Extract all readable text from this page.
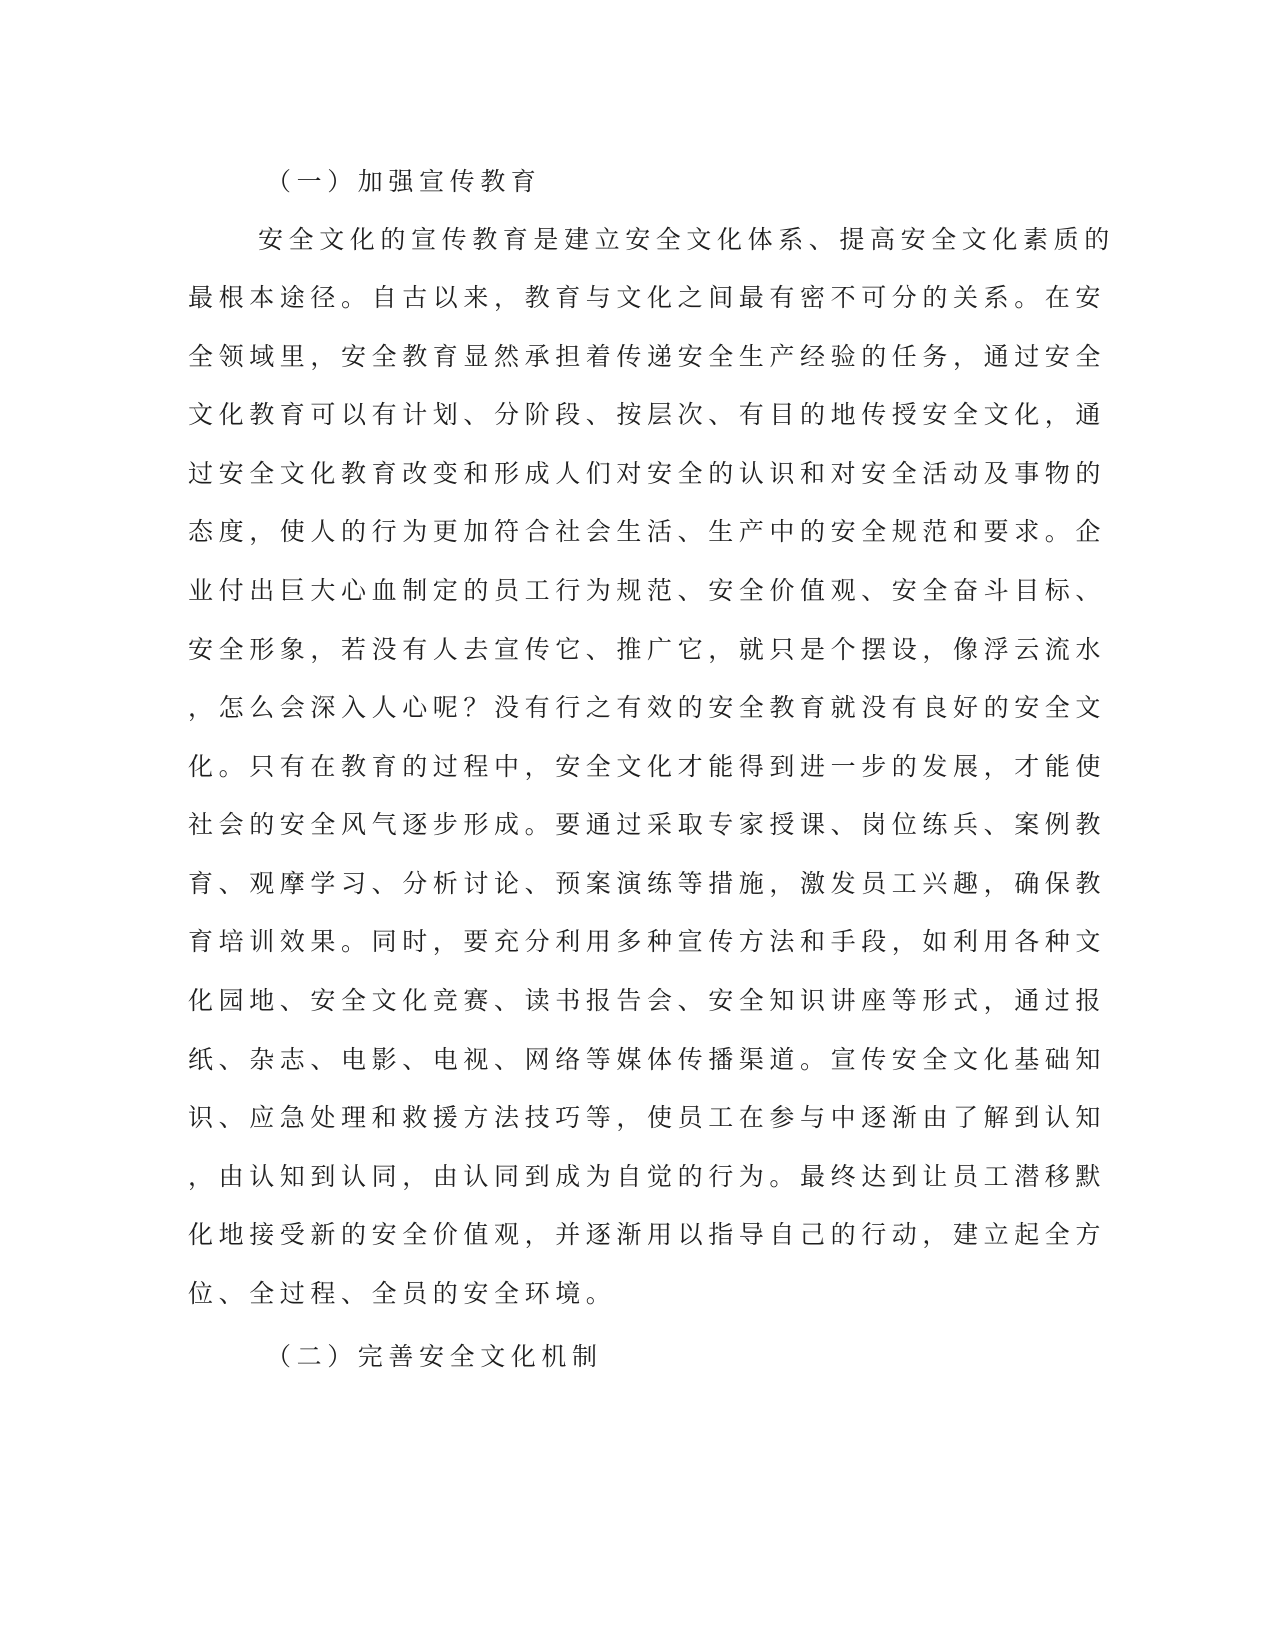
（一）加强宣传教育
安全文化的宣传教育是建立安全文化体系、提高安全文化素质的
最根本途径。自古以来，教育与文化之间最有密不可分的关系。在安
全领域里，安全教育显然承担着传递安全生产经验的任务，通过安全
文化教育可以有计划、分阶段、按层次、有目的地传授安全文化，通
过安全文化教育改变和形成人们对安全的认识和对安全活动及事物的
态度，使人的行为更加符合社会生活、生产中的安全规范和要求。企
业付出巨大心血制定的员工行为规范、安全价值观、安全奋斗目标、
安全形象，若没有人去宣传它、推广它，就只是个摆设，像浮云流水
，怎么会深入人心呢？没有行之有效的安全教育就没有良好的安全文
化。只有在教育的过程中，安全文化才能得到进一步的发展，才能使
社会的安全风气逐步形成。要通过采取专家授课、岗位练兵、案例教
育、观摩学习、分析讨论、预案演练等措施，激发员工兴趣，确保教
育培训效果。同时，要充分利用多种宣传方法和手段，如利用各种文
化园地、安全文化竞赛、读书报告会、安全知识讲座等形式，通过报
纸、杂志、电影、电视、网络等媒体传播渠道。宣传安全文化基础知
识、应急处理和救援方法技巧等，使员工在参与中逐渐由了解到认知
，由认知到认同，由认同到成为自觉的行为。最终达到让员工潜移默
化地接受新的安全价值观，并逐渐用以指导自己的行动，建立起全方
位、全过程、全员的安全环境。
（二）完善安全文化机制
